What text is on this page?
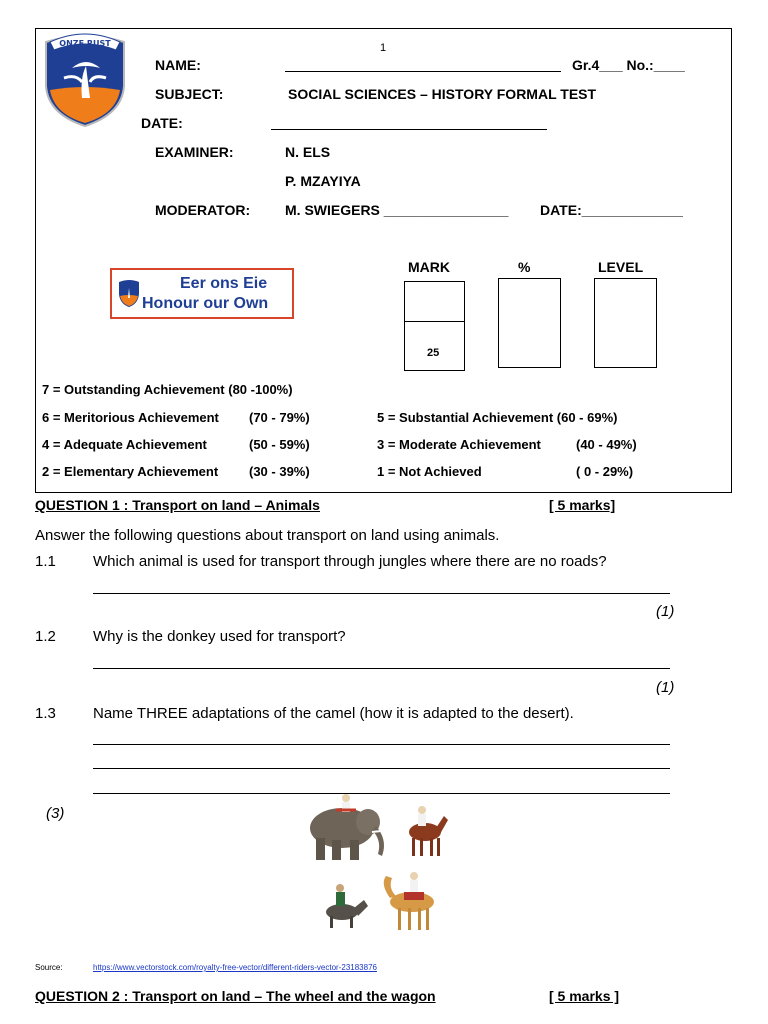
ONZE RUST	1
NAME:	Gr.4___ No.:____
SUBJECT:	SOCIAL SCIENCES – HISTORY FORMAL TEST
DATE:
EXAMINER:	N. ELS
P. MZAYIYA
MODERATOR: M. SWIEGERS ________________ DATE:_____________
Eer ons Eie
Honour our Own
MARK	%	LEVEL
25
7 = Outstanding Achievement (80 -100%)
6 = Meritorious Achievement (70 - 79%)	5 = Substantial Achievement (60 - 69%)
4 = Adequate Achievement	(50 - 59%)	3 = Moderate Achievement	(40 - 49%)
2 = Elementary Achievement (30 - 39%)	1 = Not Achieved	( 0 - 29%)
QUESTION 1 : Transport on land – Animals	[ 5 marks]
Answer the following questions about transport on land using animals.
1.1 Which animal is used for transport through jungles where there are no roads?
(1)
1.2 Why is the donkey used for transport?
(1)
1.3 Name THREE adaptations of the camel (how it is adapted to the desert).
(3)
Source:	https://www.vectorstock.com/royalty-free-vector/different-riders-vector-23183876
QUESTION 2 : Transport on land – The wheel and the wagon	[ 5 marks ]
